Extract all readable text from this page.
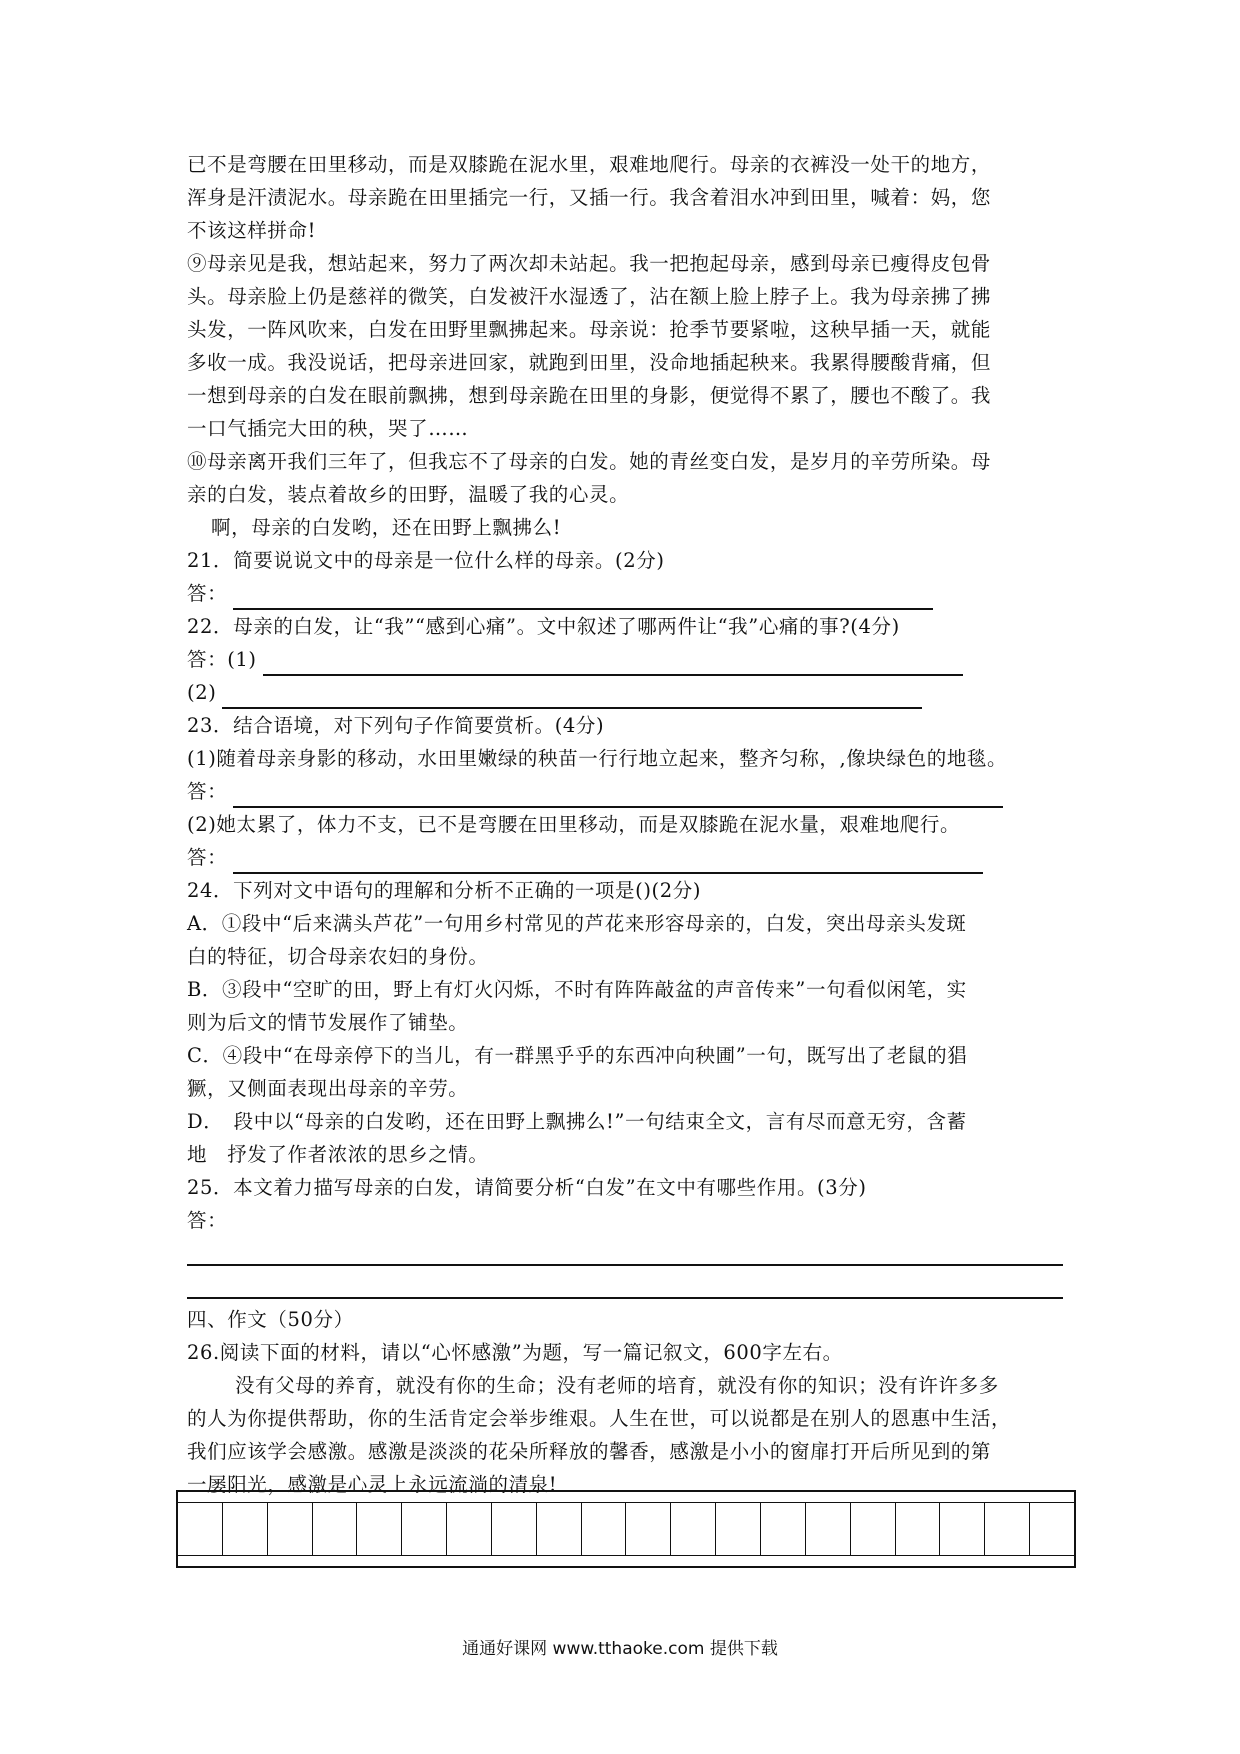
已不是弯腰在田里移动，而是双膝跪在泥水里，艰难地爬行。母亲的衣裤没一处干的地方，
浑身是汗渍泥水。母亲跪在田里插完一行，又插一行。我含着泪水冲到田里，喊着：妈，您
不该这样拼命!
⑨母亲见是我，想站起来，努力了两次却未站起。我一把抱起母亲，感到母亲已瘦得皮包骨
头。母亲脸上仍是慈祥的微笑，白发被汗水湿透了，沾在额上脸上脖子上。我为母亲拂了拂
头发，一阵风吹来，白发在田野里飘拂起来。母亲说：抢季节要紧啦，这秧早插一天，就能
多收一成。我没说话，把母亲进回家，就跑到田里，没命地插起秧来。我累得腰酸背痛，但
一想到母亲的白发在眼前飘拂，想到母亲跪在田里的身影，便觉得不累了，腰也不酸了。我
一口气插完大田的秧，哭了……
⑩母亲离开我们三年了，但我忘不了母亲的白发。她的青丝变白发，是岁月的辛劳所染。母
亲的白发，装点着故乡的田野，温暖了我的心灵。
啊，母亲的白发哟，还在田野上飘拂么!
21．简要说说文中的母亲是一位什么样的母亲。(2分)
答：
22．母亲的白发，让“我”“感到心痛”。文中叙述了哪两件让“我”心痛的事?(4分)
答：(1)
(2)
23．结合语境，对下列句子作简要赏析。(4分)
(1)随着母亲身影的移动，水田里嫩绿的秧苗一行行地立起来，整齐匀称，,像块绿色的地毯。
答：
(2)她太累了，体力不支，已不是弯腰在田里移动，而是双膝跪在泥水量，艰难地爬行。
答：
24．下列对文中语句的理解和分析不正确的一项是()(2分)
A．①段中“后来满头芦花”一句用乡村常见的芦花来形容母亲的，白发，突出母亲头发斑
白的特征，切合母亲农妇的身份。
B．③段中“空旷的田，野上有灯火闪烁，不时有阵阵敲盆的声音传来”一句看似闲笔，实
则为后文的情节发展作了铺垫。
C．④段中“在母亲停下的当儿，有一群黑乎乎的东西冲向秧圃”一句，既写出了老鼠的猖
獗，又侧面表现出母亲的辛劳。
D．　段中以“母亲的白发哟，还在田野上飘拂么!”一句结束全文，言有尽而意无穷，含蓄
地　抒发了作者浓浓的思乡之情。
25．本文着力描写母亲的白发，请简要分析“白发”在文中有哪些作用。(3分)
答：
四、作文（50分）
26.阅读下面的材料，请以“心怀感激”为题，写一篇记叙文，600字左右。
没有父母的养育，就没有你的生命；没有老师的培育，就没有你的知识；没有许许多多
的人为你提供帮助，你的生活肯定会举步维艰。人生在世，可以说都是在别人的恩惠中生活，
我们应该学会感激。感激是淡淡的花朵所释放的馨香，感激是小小的窗扉打开后所见到的第
一屡阳光，感激是心灵上永远流淌的清泉!
通通好课网 www.tthaoke.com 提供下载
